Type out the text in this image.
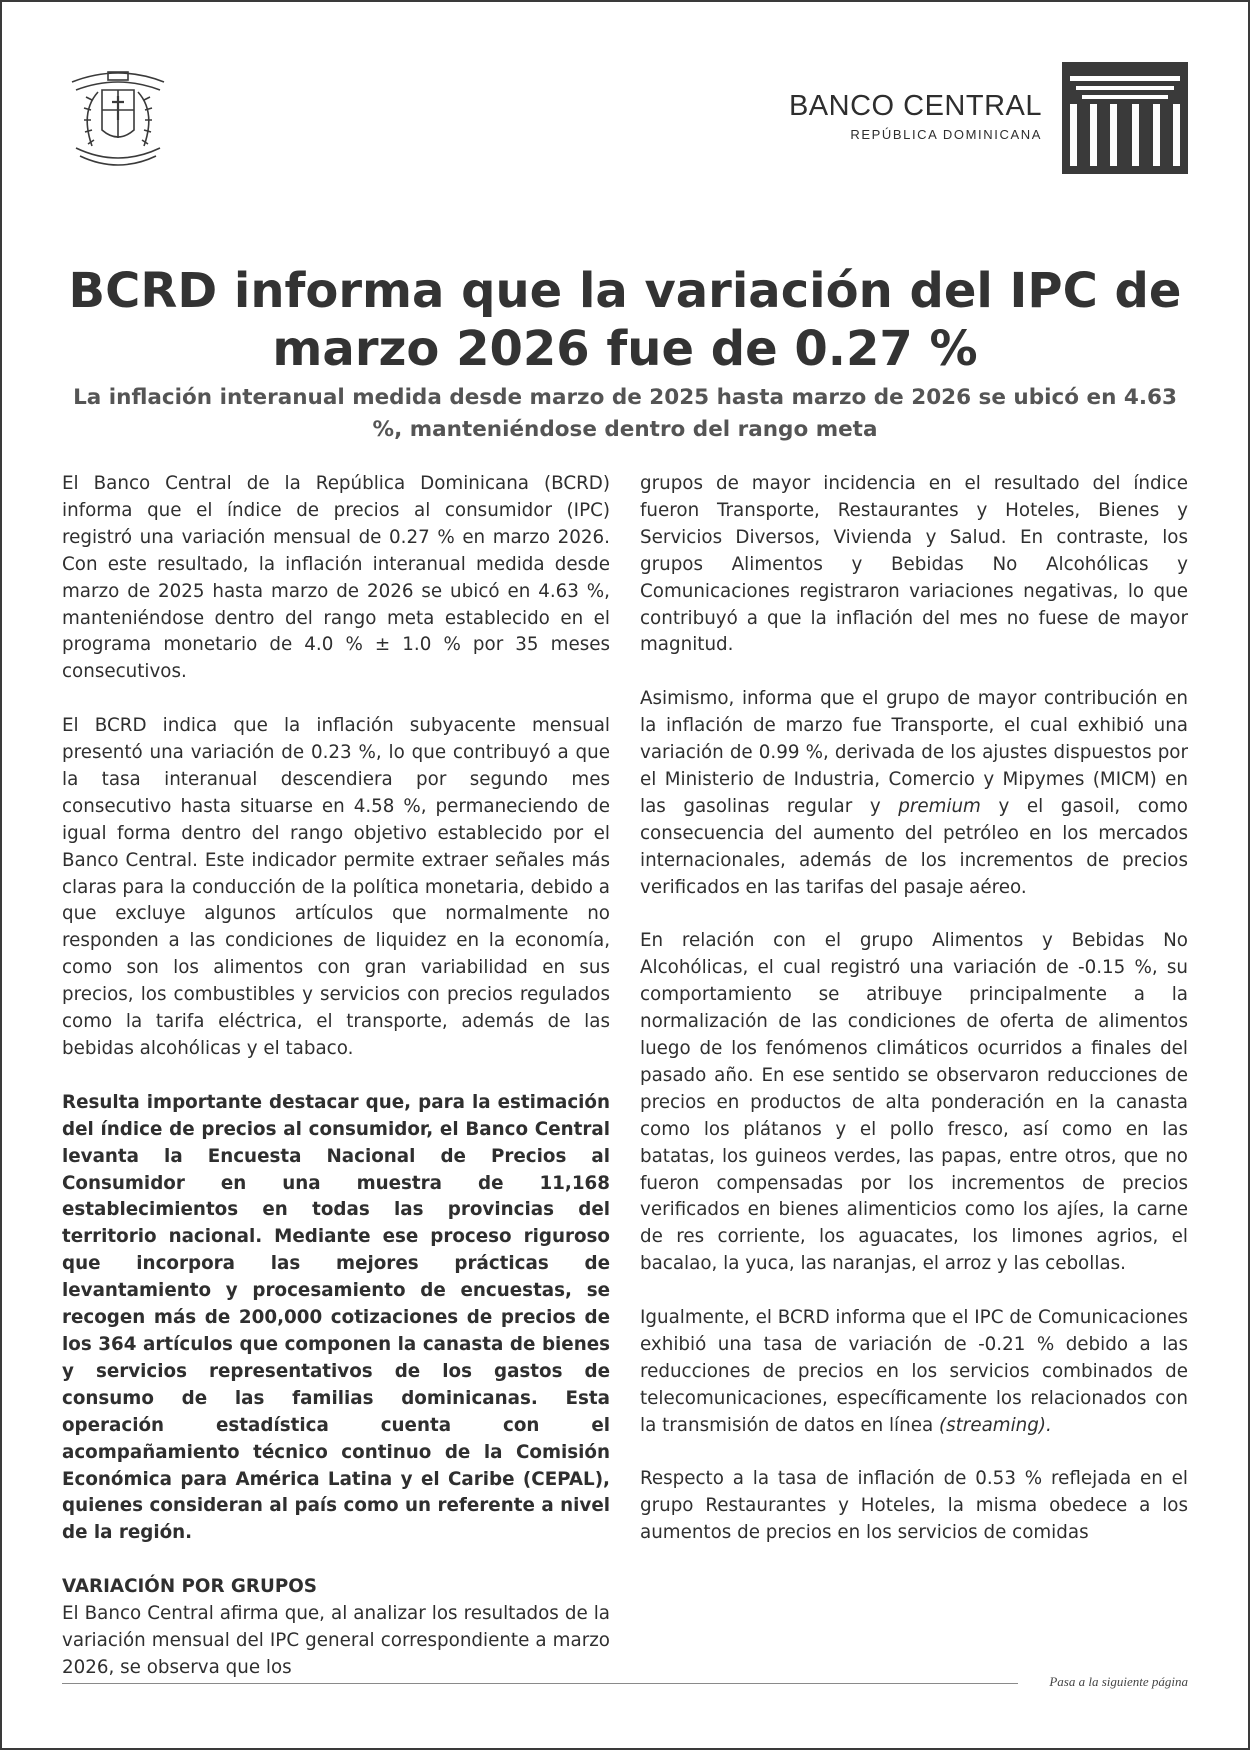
BANCO CENTRAL
REPÚBLICA DOMINICANA
BCRD informa que la variación del IPC de marzo 2026 fue de 0.27 %
La inflación interanual medida desde marzo de 2025 hasta marzo de 2026 se ubicó en 4.63 %, manteniéndose dentro del rango meta

El Banco Central de la República Dominicana (BCRD) informa que el índice de precios al consumidor (IPC) registró una variación mensual de 0.27 % en marzo 2026. Con este resultado, la inflación interanual medida desde marzo de 2025 hasta marzo de 2026 se ubicó en 4.63 %, manteniéndose dentro del rango meta establecido en el programa monetario de 4.0 % ± 1.0 % por 35 meses consecutivos.

El BCRD indica que la inflación subyacente mensual presentó una variación de 0.23 %, lo que contribuyó a que la tasa interanual descendiera por segundo mes consecutivo hasta situarse en 4.58 %, permaneciendo de igual forma dentro del rango objetivo establecido por el Banco Central. Este indicador permite extraer señales más claras para la conducción de la política monetaria, debido a que excluye algunos artículos que normalmente no responden a las condiciones de liquidez en la economía, como son los alimentos con gran variabilidad en sus precios, los combustibles y servicios con precios regulados como la tarifa eléctrica, el transporte, además de las bebidas alcohólicas y el tabaco.

Resulta importante destacar que, para la estimación del índice de precios al consumidor, el Banco Central levanta la Encuesta Nacional de Precios al Consumidor en una muestra de 11,168 establecimientos en todas las provincias del territorio nacional. Mediante ese proceso riguroso que incorpora las mejores prácticas de levantamiento y procesamiento de encuestas, se recogen más de 200,000 cotizaciones de precios de los 364 artículos que componen la canasta de bienes y servicios representativos de los gastos de consumo de las familias dominicanas. Esta operación estadística cuenta con el acompañamiento técnico continuo de la Comisión Económica para América Latina y el Caribe (CEPAL), quienes consideran al país como un referente a nivel de la región.

VARIACIÓN POR GRUPOS

El Banco Central afirma que, al analizar los resultados de la variación mensual del IPC general correspondiente a marzo 2026, se observa que los

grupos de mayor incidencia en el resultado del índice fueron Transporte, Restaurantes y Hoteles, Bienes y Servicios Diversos, Vivienda y Salud. En contraste, los grupos Alimentos y Bebidas No Alcohólicas y Comunicaciones registraron variaciones negativas, lo que contribuyó a que la inflación del mes no fuese de mayor magnitud.

Asimismo, informa que el grupo de mayor contribución en la inflación de marzo fue Transporte, el cual exhibió una variación de 0.99 %, derivada de los ajustes dispuestos por el Ministerio de Industria, Comercio y Mipymes (MICM) en las gasolinas regular y premium y el gasoil, como consecuencia del aumento del petróleo en los mercados internacionales, además de los incrementos de precios verificados en las tarifas del pasaje aéreo.

En relación con el grupo Alimentos y Bebidas No Alcohólicas, el cual registró una variación de -0.15 %, su comportamiento se atribuye principalmente a la normalización de las condiciones de oferta de alimentos luego de los fenómenos climáticos ocurridos a finales del pasado año. En ese sentido se observaron reducciones de precios en productos de alta ponderación en la canasta como los plátanos y el pollo fresco, así como en las batatas, los guineos verdes, las papas, entre otros, que no fueron compensadas por los incrementos de precios verificados en bienes alimenticios como los ajíes, la carne de res corriente, los aguacates, los limones agrios, el bacalao, la yuca, las naranjas, el arroz y las cebollas.

Igualmente, el BCRD informa que el IPC de Comunicaciones exhibió una tasa de variación de -0.21 % debido a las reducciones de precios en los servicios combinados de telecomunicaciones, específicamente los relacionados con la transmisión de datos en línea (streaming).

Respecto a la tasa de inflación de 0.53 % reflejada en el grupo Restaurantes y Hoteles, la misma obedece a los aumentos de precios en los servicios de comidas

Pasa a la siguiente página
